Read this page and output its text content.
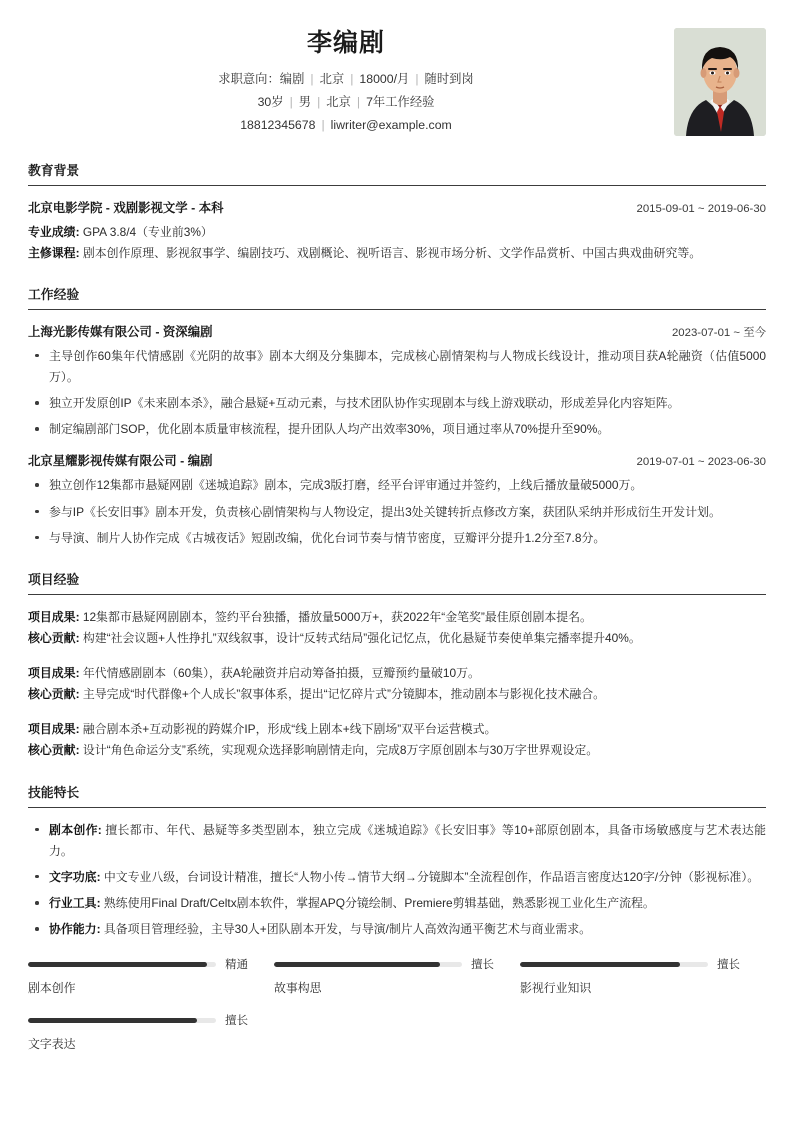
李编剧
求职意向：编剧 | 北京 | 18000/月 | 随时到岗
30岁 | 男 | 北京 | 7年工作经验
18812345678 | liwriter@example.com
教育背景
北京电影学院 - 戏剧影视文学 - 本科	2015-09-01 ~ 2019-06-30
专业成绩: GPA 3.8/4（专业前3%）
主修课程: 剧本创作原理、影视叙事学、编剧技巧、戏剧概论、视听语言、影视市场分析、文学作品赏析、中国古典戏曲研究等。
工作经验
上海光影传媒有限公司 - 资深编剧	2023-07-01 ~ 至今
主导创作60集年代情感剧《光阴的故事》剧本大纲及分集脚本，完成核心剧情架构与人物成长线设计，推动项目获A轮融资（估值5000万）。
独立开发原创IP《未来剧本杀》，融合悬疑+互动元素，与技术团队协作实现剧本与线上游戏联动，形成差异化内容矩阵。
制定编剧部门SOP，优化剧本质量审核流程，提升团队人均产出效率30%，项目通过率从70%提升至90%。
北京星耀影视传媒有限公司 - 编剧	2019-07-01 ~ 2023-06-30
独立创作12集都市悬疑网剧《迷城追踪》剧本，完成3版打磨，经平台评审通过并签约，上线后播放量破5000万。
参与IP《长安旧事》剧本开发，负责核心剧情架构与人物设定，提出3处关键转折点修改方案，获团队采纳并形成衍生开发计划。
与导演、制片人协作完成《古城夜话》短剧改编，优化台词节奏与情节密度，豆瓣评分提升1.2分至7.8分。
项目经验
项目成果: 12集都市悬疑网剧剧本，签约平台独播，播放量5000万+，获2022年“金笔奖”最佳原创剧本提名。
核心贡献: 构建“社会议题+人性挣扎”双线叙事，设计“反转式结局”强化记忆点，优化悬疑节奏使单集完播率提升40%。
项目成果: 年代情感剧剧本（60集），获A轮融资并启动筹备拍摄，豆瓣预约量破10万。
核心贡献: 主导完成“时代群像+个人成长”叙事体系，提出“记忆碎片式”分镜脚本，推动剧本与影视化技术融合。
项目成果: 融合剧本杀+互动影视的跨媒介IP，形成“线上剧本+线下剧场”双平台运营模式。
核心贡献: 设计“角色命运分支”系统，实现观众选择影响剧情走向，完成8万字原创剧本与30万字世界观设定。
技能特长
剧本创作: 擅长都市、年代、悬疑等多类型剧本，独立完成《迷城追踪》《长安旧事》等10+部原创剧本，具备市场敏感度与艺术表达能力。
文字功底: 中文专业八级，台词设计精准，擅长“人物小传→情节大纲→分镜脚本”全流程创作，作品语言密度达120字/分钟（影视标准）。
行业工具: 熟练使用Final Draft/Celtx剧本软件，掌握APQ分镜绘制、Premiere剪辑基础，熟悉影视工业化生产流程。
协作能力: 具备项目管理经验，主导30人+团队剧本开发，与导演/制片人高效沟通平衡艺术与商业需求。
精通
剧本创作
擅长
故事构思
擅长
影视行业知识
擅长
文字表达
